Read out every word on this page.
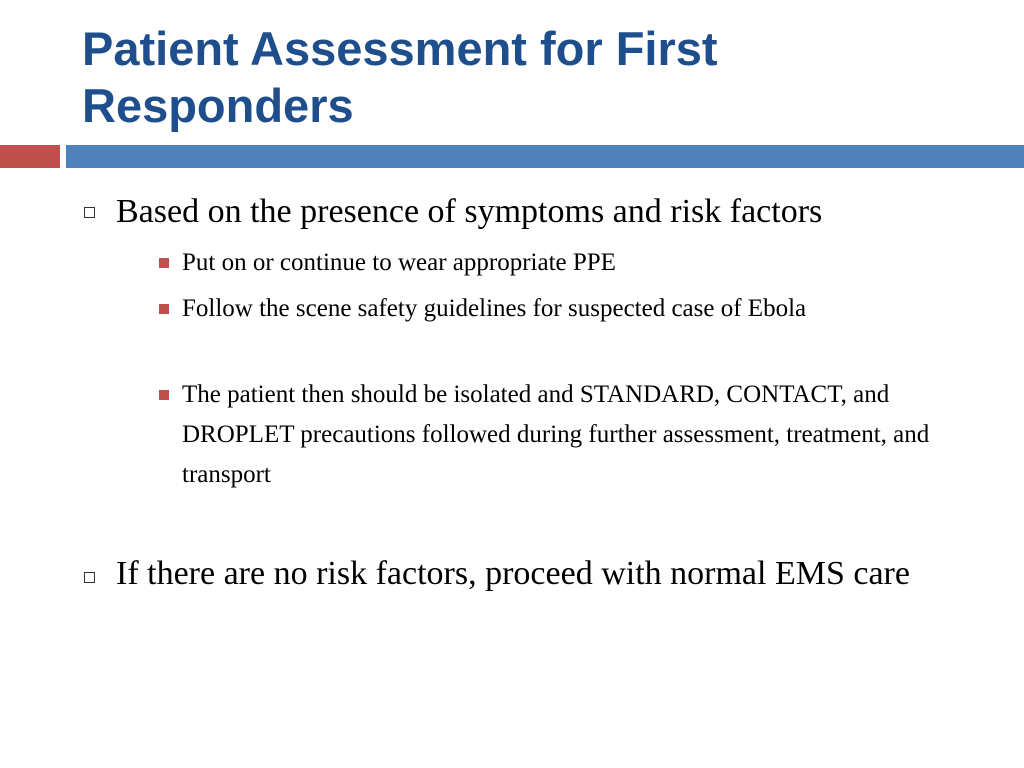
Patient Assessment for First Responders
Based on the presence of symptoms and risk factors
Put on or continue to wear appropriate PPE
Follow the scene safety guidelines for suspected case of Ebola
The patient then should be isolated and STANDARD, CONTACT, and DROPLET precautions followed during further assessment, treatment, and transport
If there are no risk factors, proceed with normal EMS care
